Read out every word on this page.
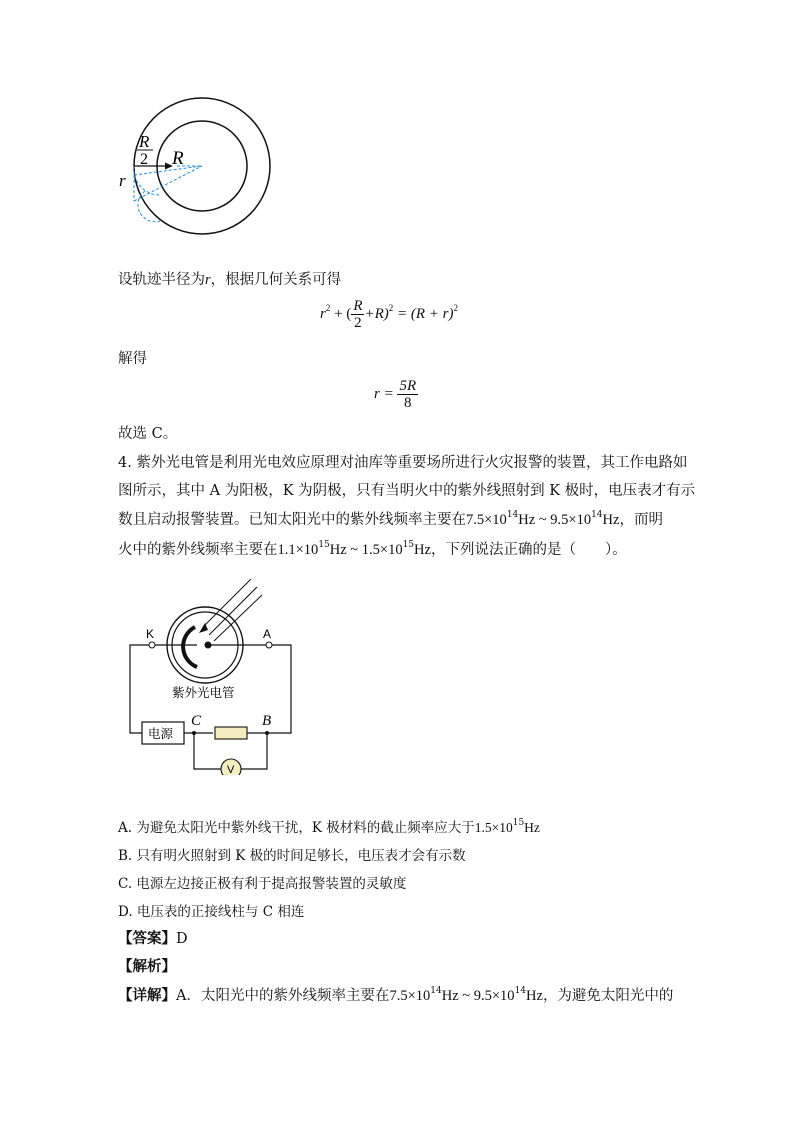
R
2 R
r
设轨迹半径为r，根据几何关系可得
$r^2$ + ( $\frac{R}{2} +R)^2 = (R + r)^2$
解得
$r = \frac{5R}{8}$
故选 C。
4. 紫外光电管是利用光电效应原理对油库等重要场所进行火灾报警的装置，其工作电路如
图所示，其中 A 为阳极，K 为阴极，只有当明火中的紫外线照射到 K 极时，电压表才有示
数且启动报警装置。已知太阳光中的紫外线频率主要在$7.5\times 10^{14}Hz$ ~ $9.5\times 10^{14}Hz$，而明
火中的紫外线频率主要在$1.1\times 10^{15}Hz$ ~ $1.5\times 10^{15}Hz$，下列说法正确的是（　　）。
K	A
紫外光电管
电源
C	B
V
A. 为避免太阳光中紫外线干扰，K 极材料的截止频率应大于$1.5\times 10^{15}Hz$
B. 只有明火照射到 K 极的时间足够长，电压表才会有示数
C. 电源左边接正极有利于提高报警装置的灵敏度
D. 电压表的正接线柱与 C 相连
【答案】D
【解析】
【详解】A．太阳光中的紫外线频率主要在$7.5\times 10^{14}Hz$ ~ $9.5\times 10^{14}Hz$，为避免太阳光中的
